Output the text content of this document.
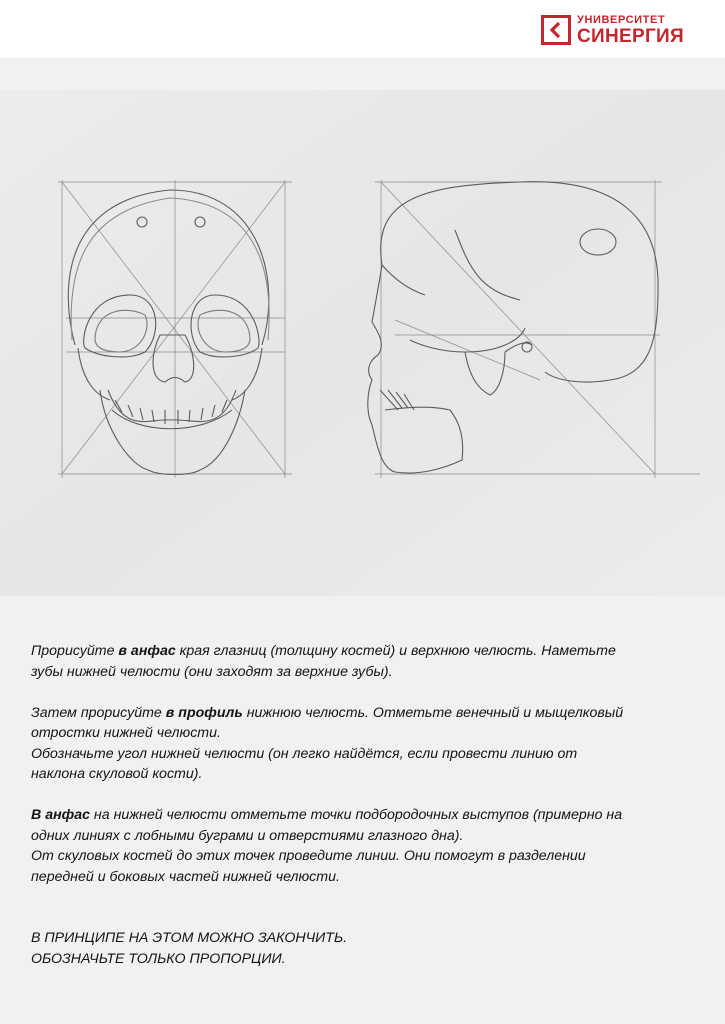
УНИВЕРСИТЕТ
СИНЕРГИЯ

Прорисуйте в анфас края глазниц (толщину костей) и верхнюю челюсть. Наметьте
зубы нижней челюсти (они заходят за верхние зубы).

Затем прорисуйте в профиль нижнюю челюсть. Отметьте венечный и мыщелковый
отростки нижней челюсти.
Обозначьте угол нижней челюсти (он легко найдётся, если провести линию от
наклона скуловой кости).

В анфас на нижней челюсти отметьте точки подбородочных выступов (примерно на
одних линиях с лобными буграми и отверстиями глазного дна).
От скуловых костей до этих точек проведите линии. Они помогут в разделении
передней и боковых частей нижней челюсти.

В ПРИНЦИПЕ НА ЭТОМ МОЖНО ЗАКОНЧИТЬ.
ОБОЗНАЧЬТЕ ТОЛЬКО ПРОПОРЦИИ.
